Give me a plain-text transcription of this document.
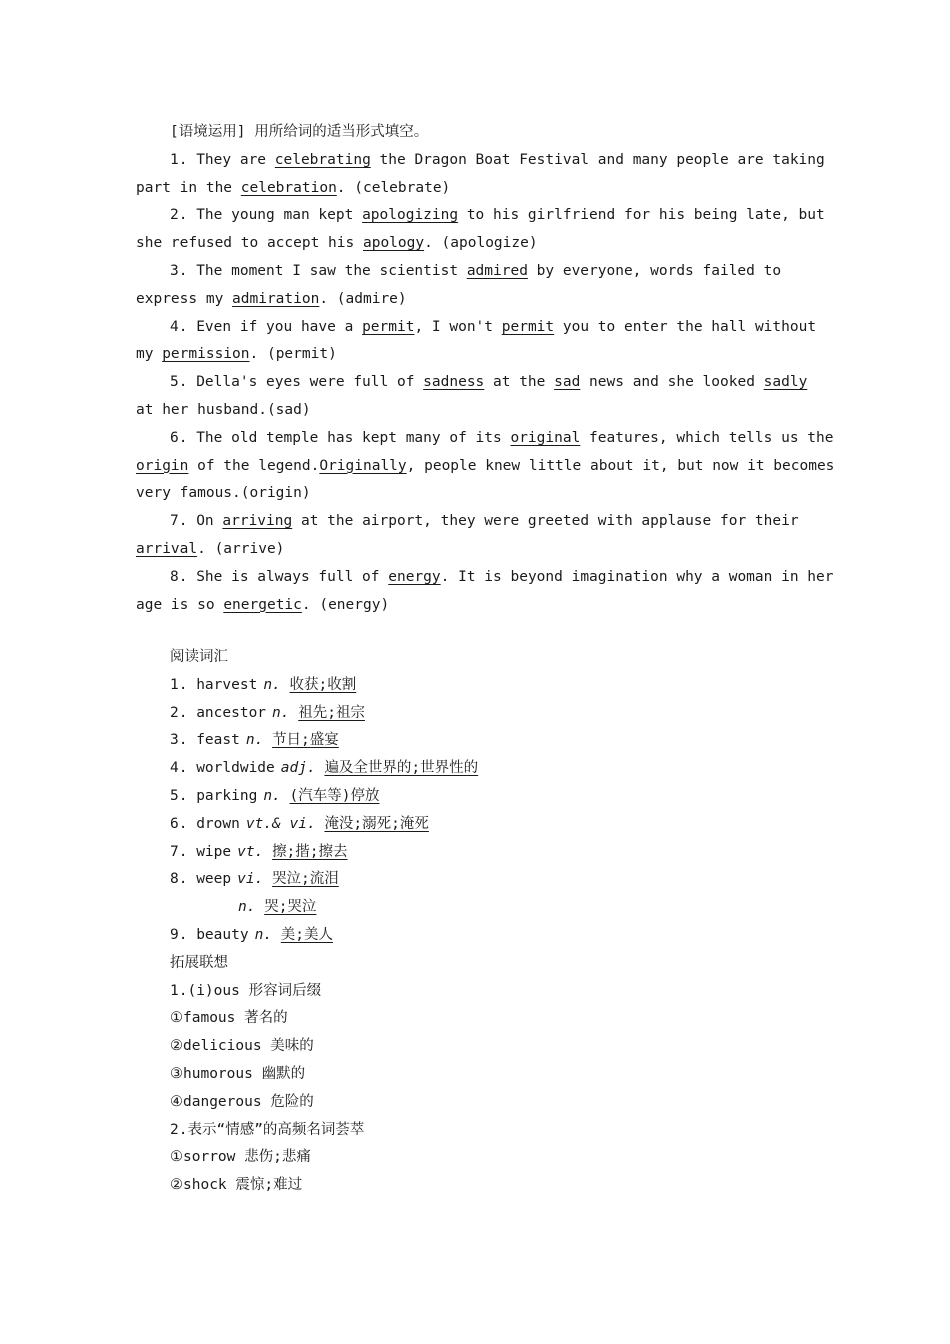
[语境运用] 用所给词的适当形式填空。
1. They are celebrating the Dragon Boat Festival and many people are taking
part in the celebration. (celebrate)
2. The young man kept apologizing to his girlfriend for his being late, but
she refused to accept his apology. (apologize)
3. The moment I saw the scientist admired by everyone, words failed to
express my admiration. (admire)
4. Even if you have a permit, I won't permit you to enter the hall without
my permission. (permit)
5. Della's eyes were full of sadness at the sad news and she looked sadly
at her husband.(sad)
6. The old temple has kept many of its original features, which tells us the
origin of the legend.Originally, people knew little about it, but now it becomes
very famous.(origin)
7. On arriving at the airport, they were greeted with applause for their
arrival. (arrive)
8. She is always full of energy. It is beyond imagination why a woman in her
age is so energetic. (energy)
阅读词汇
1. harvest n. 收获;收割
2. ancestor n. 祖先;祖宗
3. feast n. 节日;盛宴
4. worldwide adj. 遍及全世界的;世界性的
5. parking n. (汽车等)停放
6. drown vt.& vi. 淹没;溺死;淹死
7. wipe vt. 擦;揩;擦去
8. weep vi. 哭泣;流泪
n. 哭;哭泣
9. beauty n. 美;美人
拓展联想
1.(i)ous 形容词后缀
①famous 著名的
②delicious 美味的
③humorous 幽默的
④dangerous 危险的
2.表示“情感”的高频名词荟萃
①sorrow 悲伤;悲痛
②shock 震惊;难过
